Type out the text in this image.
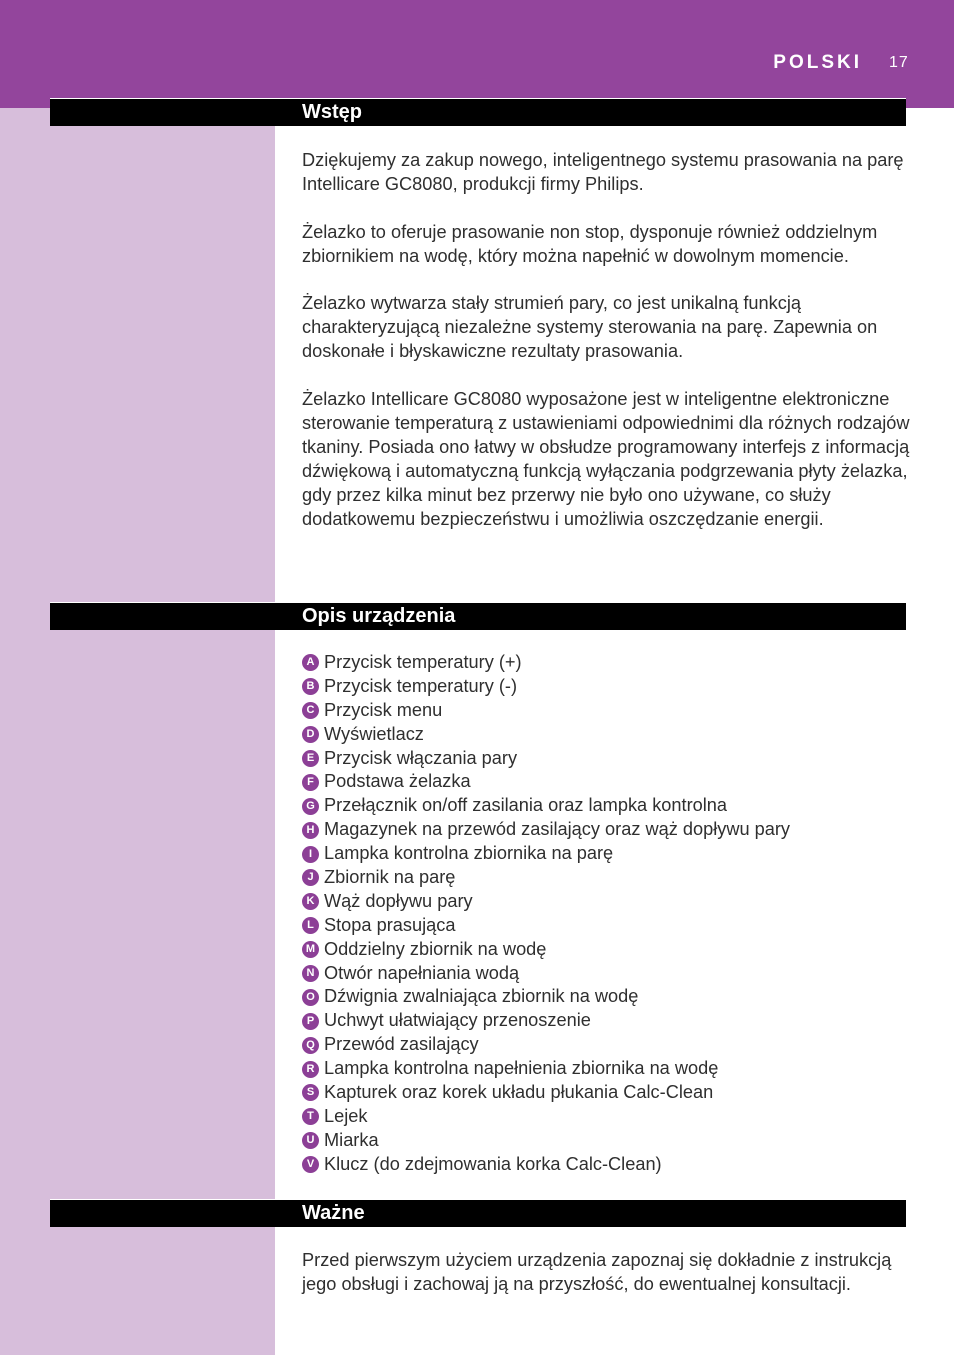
POLSKI 17
Wstęp

Dziękujemy za zakup nowego, inteligentnego systemu prasowania na parę Intellicare GC8080, produkcji firmy Philips.

Żelazko to oferuje prasowanie non stop, dysponuje również oddzielnym zbiornikiem na wodę, który można napełnić w dowolnym momencie.

Żelazko wytwarza stały strumień pary, co jest unikalną funkcją charakteryzującą niezależne systemy sterowania na parę. Zapewnia on doskonałe i błyskawiczne rezultaty prasowania.

Żelazko Intellicare GC8080 wyposażone jest w inteligentne elektroniczne sterowanie temperaturą z ustawieniami odpowiednimi dla różnych rodzajów tkaniny. Posiada ono łatwy w obsłudze programowany interfejs z informacją dźwiękową i automatyczną funkcją wyłączania podgrzewania płyty żelazka, gdy przez kilka minut bez przerwy nie było ono używane, co służy dodatkowemu bezpieczeństwu i umożliwia oszczędzanie energii.

Opis urządzenia
A Przycisk temperatury (+)
B Przycisk temperatury (-)
C Przycisk menu
D Wyświetlacz
E Przycisk włączania pary
F Podstawa żelazka
G Przełącznik on/off zasilania oraz lampka kontrolna
H Magazynek na przewód zasilający oraz wąż dopływu pary
I Lampka kontrolna zbiornika na parę
J Zbiornik na parę
K Wąż dopływu pary
L Stopa prasująca
M Oddzielny zbiornik na wodę
N Otwór napełniania wodą
O Dźwignia zwalniająca zbiornik na wodę
P Uchwyt ułatwiający przenoszenie
Q Przewód zasilający
R Lampka kontrolna napełnienia zbiornika na wodę
S Kapturek oraz korek układu płukania Calc-Clean
T Lejek
U Miarka
V Klucz (do zdejmowania korka Calc-Clean)
Ważne

Przed pierwszym użyciem urządzenia zapoznaj się dokładnie z instrukcją jego obsługi i zachowaj ją na przyszłość, do ewentualnej konsultacji.
